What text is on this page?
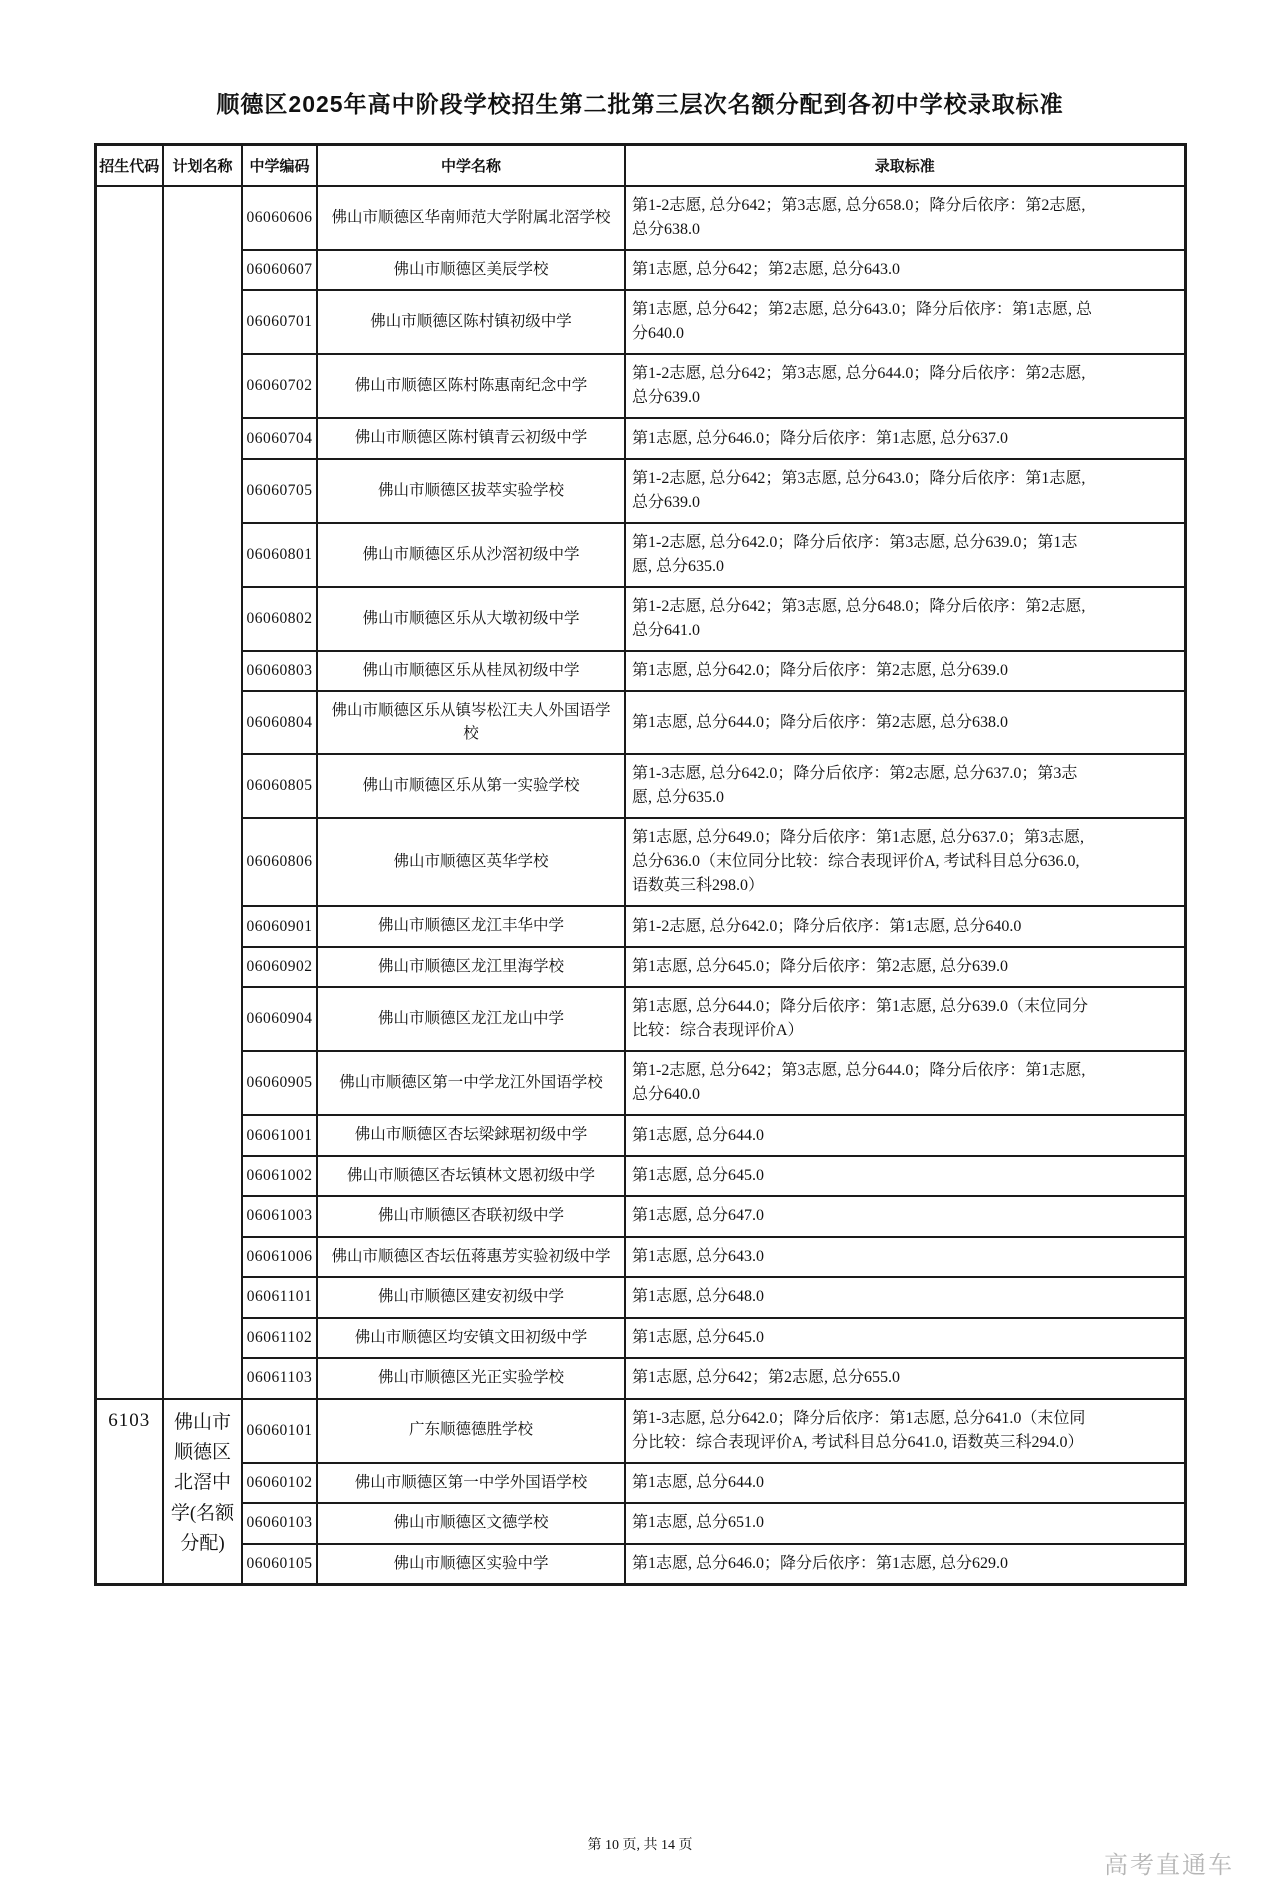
顺德区2025年高中阶段学校招生第二批第三层次名额分配到各初中学校录取标准
招生代码	计划名称	中学编码	中学名称	录取标准
		06060606	佛山市顺德区华南师范大学附属北滘学校	第1-2志愿, 总分642；第3志愿, 总分658.0；降分后依序：第2志愿, 总分638.0
		06060607	佛山市顺德区美辰学校	第1志愿, 总分642；第2志愿, 总分643.0
		06060701	佛山市顺德区陈村镇初级中学	第1志愿, 总分642；第2志愿, 总分643.0；降分后依序：第1志愿, 总分640.0
		06060702	佛山市顺德区陈村陈惠南纪念中学	第1-2志愿, 总分642；第3志愿, 总分644.0；降分后依序：第2志愿, 总分639.0
		06060704	佛山市顺德区陈村镇青云初级中学	第1志愿, 总分646.0；降分后依序：第1志愿, 总分637.0
		06060705	佛山市顺德区拔萃实验学校	第1-2志愿, 总分642；第3志愿, 总分643.0；降分后依序：第1志愿, 总分639.0
		06060801	佛山市顺德区乐从沙滘初级中学	第1-2志愿, 总分642.0；降分后依序：第3志愿, 总分639.0；第1志愿, 总分635.0
		06060802	佛山市顺德区乐从大墩初级中学	第1-2志愿, 总分642；第3志愿, 总分648.0；降分后依序：第2志愿, 总分641.0
		06060803	佛山市顺德区乐从桂凤初级中学	第1志愿, 总分642.0；降分后依序：第2志愿, 总分639.0
		06060804	佛山市顺德区乐从镇岑松江夫人外国语学校	第1志愿, 总分644.0；降分后依序：第2志愿, 总分638.0
		06060805	佛山市顺德区乐从第一实验学校	第1-3志愿, 总分642.0；降分后依序：第2志愿, 总分637.0；第3志愿, 总分635.0
		06060806	佛山市顺德区英华学校	第1志愿, 总分649.0；降分后依序：第1志愿, 总分637.0；第3志愿, 总分636.0（末位同分比较：综合表现评价A, 考试科目总分636.0, 语数英三科298.0）
		06060901	佛山市顺德区龙江丰华中学	第1-2志愿, 总分642.0；降分后依序：第1志愿, 总分640.0
		06060902	佛山市顺德区龙江里海学校	第1志愿, 总分645.0；降分后依序：第2志愿, 总分639.0
		06060904	佛山市顺德区龙江龙山中学	第1志愿, 总分644.0；降分后依序：第1志愿, 总分639.0（末位同分比较：综合表现评价A）
		06060905	佛山市顺德区第一中学龙江外国语学校	第1-2志愿, 总分642；第3志愿, 总分644.0；降分后依序：第1志愿, 总分640.0
		06061001	佛山市顺德区杏坛梁銶琚初级中学	第1志愿, 总分644.0
		06061002	佛山市顺德区杏坛镇林文恩初级中学	第1志愿, 总分645.0
		06061003	佛山市顺德区杏联初级中学	第1志愿, 总分647.0
		06061006	佛山市顺德区杏坛伍蒋惠芳实验初级中学	第1志愿, 总分643.0
		06061101	佛山市顺德区建安初级中学	第1志愿, 总分648.0
		06061102	佛山市顺德区均安镇文田初级中学	第1志愿, 总分645.0
		06061103	佛山市顺德区光正实验学校	第1志愿, 总分642；第2志愿, 总分655.0
6103	佛山市顺德区北滘中学(名额分配)	06060101	广东顺德德胜学校	第1-3志愿, 总分642.0；降分后依序：第1志愿, 总分641.0（末位同分比较：综合表现评价A, 考试科目总分641.0, 语数英三科294.0）
		06060102	佛山市顺德区第一中学外国语学校	第1志愿, 总分644.0
		06060103	佛山市顺德区文德学校	第1志愿, 总分651.0
		06060105	佛山市顺德区实验中学	第1志愿, 总分646.0；降分后依序：第1志愿, 总分629.0
第 10 页, 共 14 页
高考直通车
